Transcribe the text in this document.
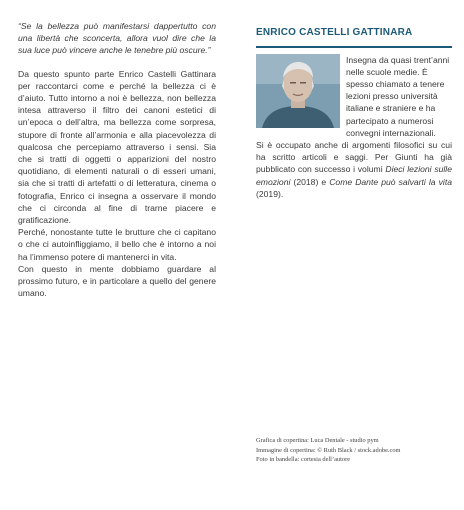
“Se la bellezza può manifestarsi dappertutto con una libertà che sconcerta, allora vuol dire che la sua luce può vincere anche le tenebre più oscure.”

Da questo spunto parte Enrico Castelli Gattinara per raccontarci come e perché la bellezza ci è d’aiuto. Tutto intorno a noi è bellezza, non bellezza intesa attraverso il filtro dei canoni estetici di un’epoca o dell’altra, ma bellezza come sorpresa, stupore di fronte all’armonia e alla piacevolezza di qualcosa che percepiamo attraverso i sensi. Sia che si tratti di oggetti o apparizioni del nostro quotidiano, di elementi naturali o di esseri umani, sia che si tratti di artefatti o di letteratura, cinema o fotografia, Enrico ci insegna a osservare il mondo che ci circonda al fine di trarne piacere e gratificazione.

Perché, nonostante tutte le brutture che ci capitano o che ci autoinfliggiamo, il bello che è intorno a noi ha l’immenso potere di mantenerci in vita.

Con questo in mente dobbiamo guardare al prossimo futuro, e in particolare a quello del genere umano.

ENRICO CASTELLI GATTINARA

Insegna da quasi trent’anni nelle scuole medie. È spesso chiamato a tenere lezioni presso università italiane e straniere e ha partecipato a numerosi convegni internazionali.

Si è occupato anche di argomenti filosofici su cui ha scritto articoli e saggi. Per Giunti ha già pubblicato con successo i volumi Dieci lezioni sulle emozioni (2018) e Come Dante può salvarti la vita (2019).

Grafica di copertina: Luca Dentale - studio pym
Immagine di copertina: © Ruth Black / stock.adobe.com
Foto in bandella: cortesia dell’autore
